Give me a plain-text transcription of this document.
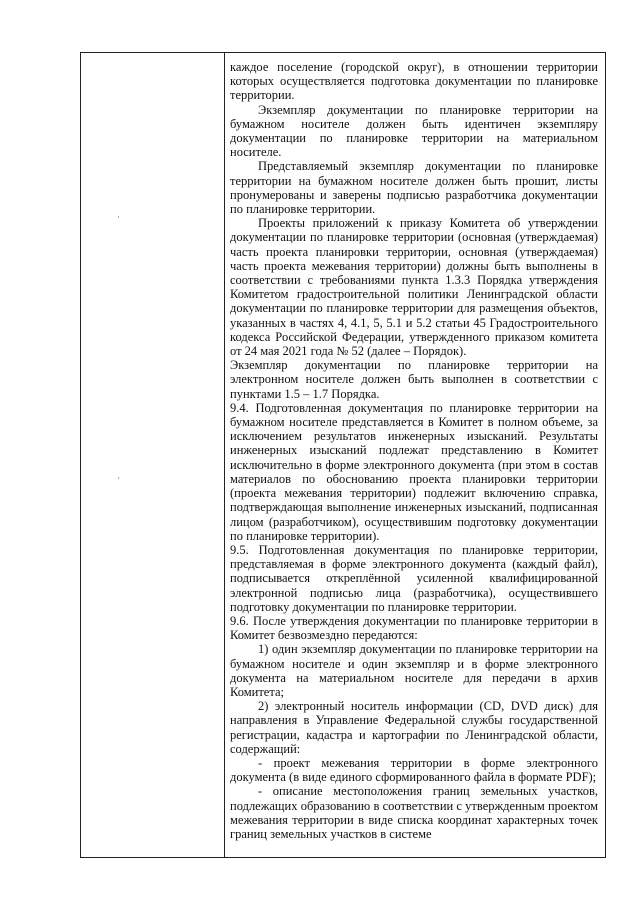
·
·

каждое поселение (городской округ), в отношении территории которых осуществляется подготовка документации по планировке территории.

Экземпляр документации по планировке территории на бумажном носителе должен быть идентичен экземпляру документации по планировке территории на материальном носителе.

Представляемый экземпляр документации по планировке территории на бумажном носителе должен быть прошит, листы пронумерованы и заверены подписью разработчика документации по планировке территории.

Проекты приложений к приказу Комитета об утверждении документации по планировке территории (основная (утверждаемая) часть проекта планировки территории, основная (утверждаемая) часть проекта межевания территории) должны быть выполнены в соответствии с требованиями пункта 1.3.3 Порядка утверждения Комитетом градостроительной политики Ленинградской области документации по планировке территории для размещения объектов, указанных в частях 4, 4.1, 5, 5.1 и 5.2 статьи 45 Градостроительного кодекса Российской Федерации, утвержденного приказом комитета от 24 мая 2021 года № 52 (далее – Порядок).

Экземпляр документации по планировке территории на электронном носителе должен быть выполнен в соответствии с пунктами 1.5 – 1.7 Порядка.

9.4. Подготовленная документация по планировке территории на бумажном носителе представляется в Комитет в полном объеме, за исключением результатов инженерных изысканий. Результаты инженерных изысканий подлежат представлению в Комитет исключительно в форме электронного документа (при этом в состав материалов по обоснованию проекта планировки территории (проекта межевания территории) подлежит включению справка, подтверждающая выполнение инженерных изысканий, подписанная лицом (разработчиком), осуществившим подготовку документации по планировке территории).

9.5. Подготовленная документация по планировке территории, представляемая в форме электронного документа (каждый файл), подписывается откреплённой усиленной квалифицированной электронной подписью лица (разработчика), осуществившего подготовку документации по планировке территории.

9.6. После утверждения документации по планировке территории в Комитет безвозмездно передаются:

1) один экземпляр документации по планировке территории на бумажном носителе и один экземпляр и в форме электронного документа на материальном носителе для передачи в архив Комитета;

2) электронный носитель информации (CD, DVD диск) для направления в Управление Федеральной службы государственной регистрации, кадастра и картографии по Ленинградской области, содержащий:

- проект межевания территории в форме электронного документа (в виде единого сформированного файла в формате PDF);

- описание местоположения границ земельных участков, подлежащих образованию в соответствии с утвержденным проектом межевания территории в виде списка координат характерных точек границ земельных участков в системе
